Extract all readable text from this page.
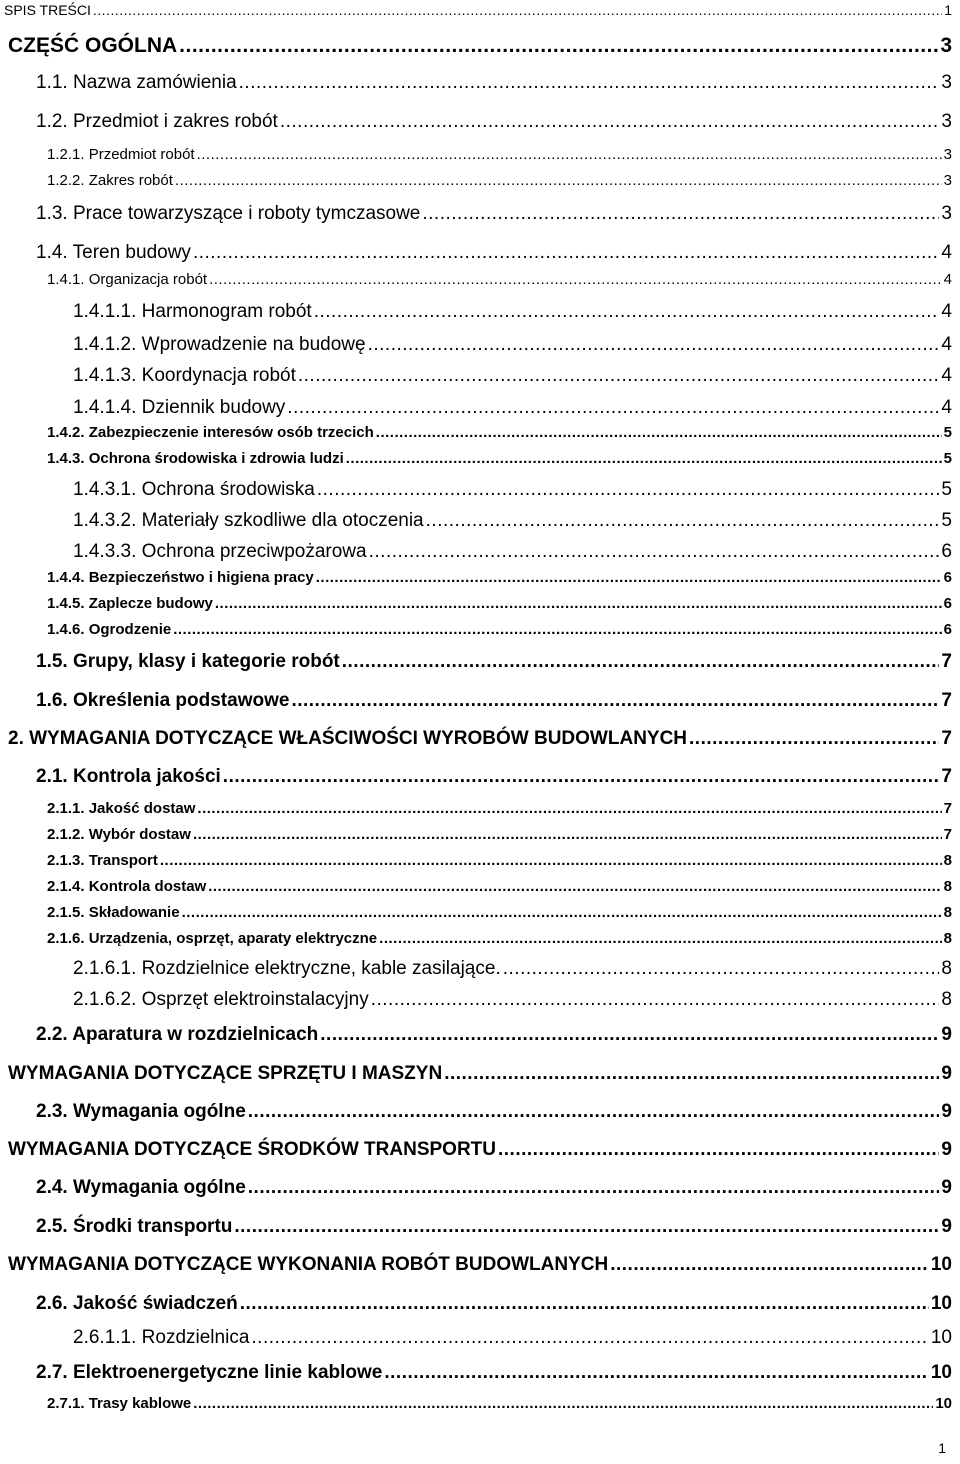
SPIS TREŚCI .....	1
CZĘŚĆ OGÓLNA .....	3
1.1. Nazwa zamówienia .....	3
1.2. Przedmiot i zakres robót .....	3
1.2.1. Przedmiot robót .....	3
1.2.2. Zakres robót .....	3
1.3. Prace towarzyszące i roboty tymczasowe .....	3
1.4. Teren budowy .....	4
1.4.1. Organizacja robót .....	4
1.4.1.1. Harmonogram robót .....	4
1.4.1.2. Wprowadzenie na budowę .....	4
1.4.1.3. Koordynacja robót .....	4
1.4.1.4. Dziennik budowy .....	4
1.4.2. Zabezpieczenie interesów osób trzecich .....	5
1.4.3. Ochrona środowiska i zdrowia ludzi .....	5
1.4.3.1. Ochrona środowiska .....	5
1.4.3.2. Materiały szkodliwe dla otoczenia .....	5
1.4.3.3. Ochrona przeciwpożarowa .....	6
1.4.4. Bezpieczeństwo i higiena pracy .....	6
1.4.5. Zaplecze budowy .....	6
1.4.6. Ogrodzenie .....	6
1.5. Grupy, klasy i kategorie robót .....	7
1.6. Określenia podstawowe .....	7
2. WYMAGANIA DOTYCZĄCE WŁAŚCIWOŚCI WYROBÓW BUDOWLANYCH .....	7
2.1. Kontrola jakości .....	7
2.1.1. Jakość dostaw .....	7
2.1.2. Wybór dostaw .....	7
2.1.3. Transport .....	8
2.1.4. Kontrola dostaw .....	8
2.1.5. Składowanie .....	8
2.1.6. Urządzenia, osprzęt, aparaty elektryczne .....	8
2.1.6.1. Rozdzielnice elektryczne, kable zasilające. .....	8
2.1.6.2. Osprzęt elektroinstalacyjny .....	8
2.2. Aparatura w rozdzielnicach .....	9
WYMAGANIA DOTYCZĄCE SPRZĘTU I MASZYN .....	9
2.3. Wymagania ogólne .....	9
WYMAGANIA DOTYCZĄCE ŚRODKÓW TRANSPORTU .....	9
2.4. Wymagania ogólne .....	9
2.5. Środki transportu .....	9
WYMAGANIA DOTYCZĄCE WYKONANIA ROBÓT BUDOWLANYCH .....	10
2.6. Jakość świadczeń .....	10
2.6.1.1. Rozdzielnica .....	10
2.7. Elektroenergetyczne linie kablowe .....	10
2.7.1. Trasy kablowe .....	10
1
